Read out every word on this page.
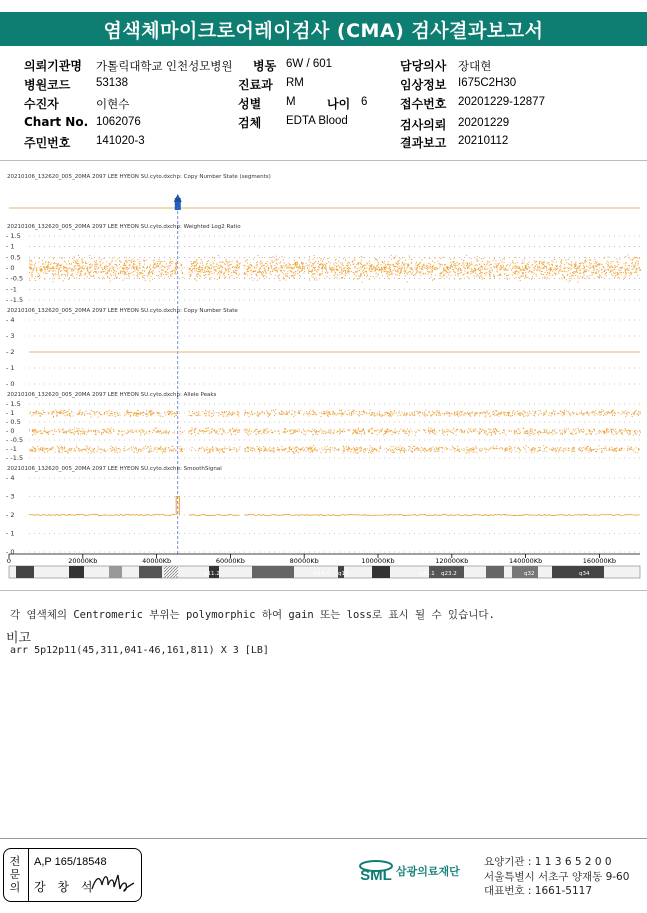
염색체마이크로어레이검사 (CMA) 검사결과보고서
의뢰기관명 가톨릭대학교 인천성모병원 병동 6W / 601	담당의사 장대현
병원코드 53138	진료과 RM	임상정보 I675C2H30
수진자	이현수	성별 M	나이 6	접수번호 20201229-12877
Chart No. 1062076	검체 EDTA Blood	검사의뢰 20201229
주민번호 141020-3	결과보고 20210112
20210106_132620_005_20MA 2097 LEE HYEON SU.cyto.dxchp: Copy Number State (segments)
20210106_132620_005_20MA 2097 LEE HYEON SU.cyto.dxchp: Weighted Log2 Ratio
- 1.5
- 1
- 0.5
- 0
- -0.5
- -1
- -1.5
20210106_132620_005_20MA 2097 LEE HYEON SU.cyto.dxchp: Copy Number State
- 4
- 3
- 2
- 1
- 0
20210106_132620_005_20MA 2097 LEE HYEON SU.cyto.dxchp: Allele Peaks
- 1.5
- 1
- 0.5
- 0
- -0.5
- -1
- -1.5
20210106_132620_005_20MA 2097 LEE HYEON SU.cyto.dxchp: SmoothSignal
- 4
- 3
- 2
- 1
- 0
0	20000Kb	40000Kb	60000Kb	80000Kb	100000Kb	120000Kb	140000Kb	160000Kb
q11.2	q14.3 q15	q23.1 q23.2	q32	q34
각 염색체의 Centromeric 부위는 polymorphic 하여 gain 또는 loss로 표시 될 수 있습니다.
비고
arr 5p12p11(45,311,041-46,161,811) X 3 [LB]
전문의
A,P 165/18548
강 창 석
SML 삼광의료재단
요양기관 : 1 1 3 6 5 2 0 0
서울특별시 서초구 양재동 9-60
대표번호 : 1661-5117
